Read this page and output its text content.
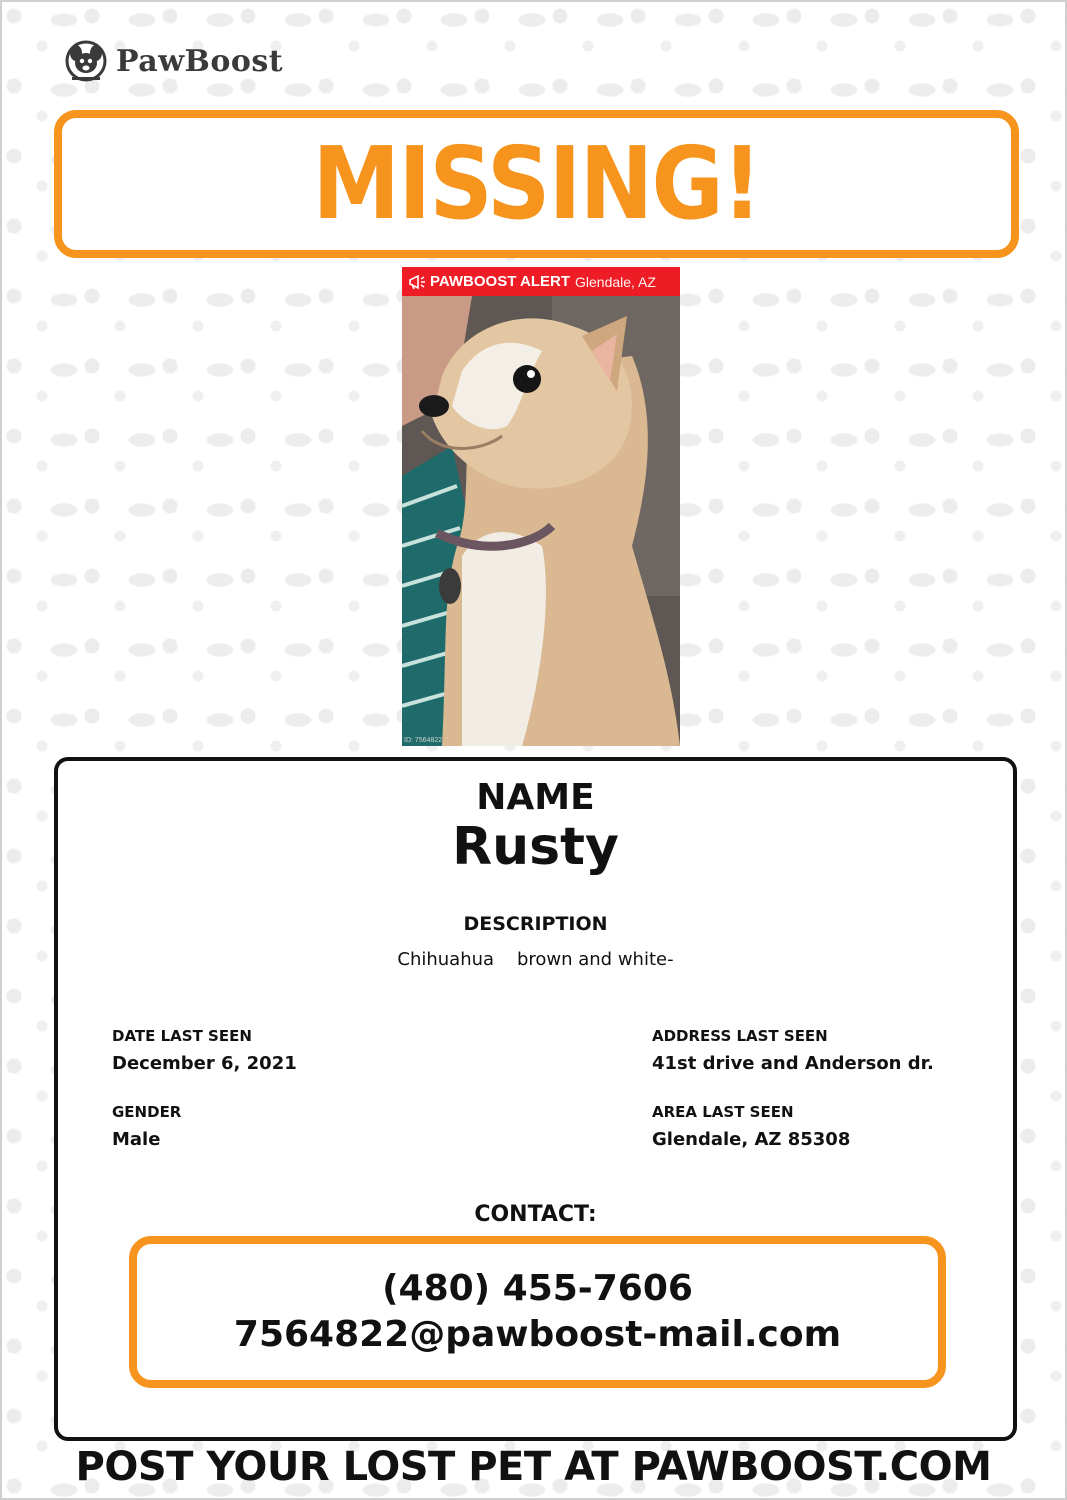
PawBoost
MISSING!
PAWBOOST ALERT Glendale, AZ
ID: 7564822
NAME
Rusty
DESCRIPTION
Chihuahua    brown and white-
DATE LAST SEEN
December 6, 2021
GENDER
Male
ADDRESS LAST SEEN
41st drive and Anderson dr.
AREA LAST SEEN
Glendale, AZ 85308
CONTACT:
(480) 455-7606
7564822@pawboost-mail.com
POST YOUR LOST PET AT PAWBOOST.COM
